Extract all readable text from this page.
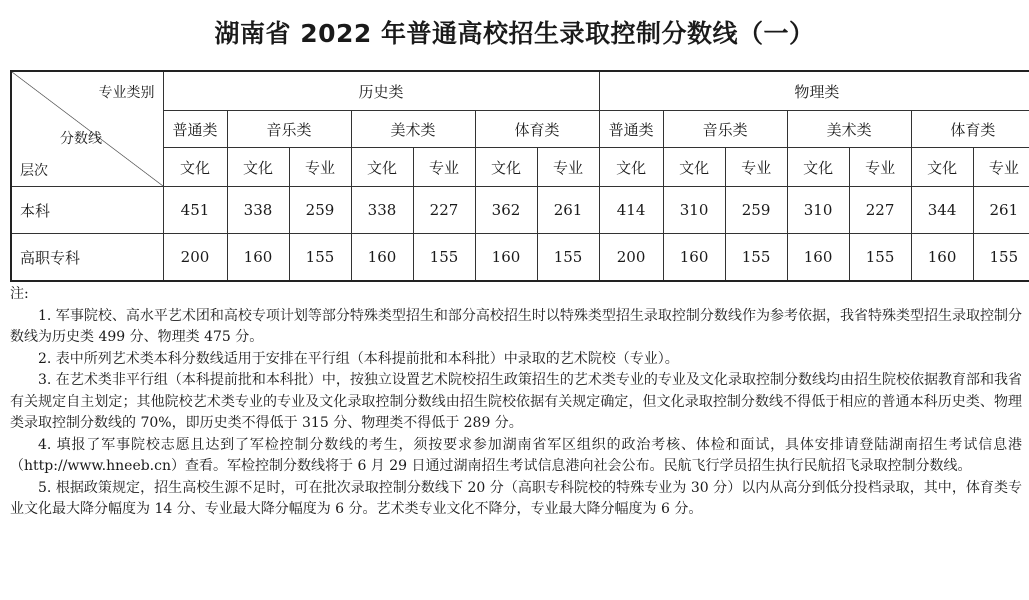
湖南省 2022 年普通高校招生录取控制分数线（一）
专业类别
分数线
层次	历史类							物理类						
	普通类	音乐类		美术类		体育类		普通类	音乐类		美术类		体育类	
	文化	文化	专业	文化	专业	文化	专业	文化	文化	专业	文化	专业	文化	专业
本科	451	338	259	338	227	362	261	414	310	259	310	227	344	261
高职专科	200	160	155	160	155	160	155	200	160	155	160	155	160	155
注:

1. 军事院校、高水平艺术团和高校专项计划等部分特殊类型招生和部分高校招生时以特殊类型招生录取控制分数线作为参考依据，我省特殊类型招生录取控制分数线为历史类 499 分、物理类 475 分。

2. 表中所列艺术类本科分数线适用于安排在平行组（本科提前批和本科批）中录取的艺术院校（专业）。

3. 在艺术类非平行组（本科提前批和本科批）中，按独立设置艺术院校招生政策招生的艺术类专业的专业及文化录取控制分数线均由招生院校依据教育部和我省有关规定自主划定；其他院校艺术类专业的专业及文化录取控制分数线由招生院校依据有关规定确定，但文化录取控制分数线不得低于相应的普通本科历史类、物理类录取控制分数线的 70%，即历史类不得低于 315 分、物理类不得低于 289 分。

4. 填报了军事院校志愿且达到了军检控制分数线的考生，须按要求参加湖南省军区组织的政治考核、体检和面试，具体安排请登陆湖南招生考试信息港（http://www.hneeb.cn）查看。军检控制分数线将于 6 月 29 日通过湖南招生考试信息港向社会公布。民航飞行学员招生执行民航招飞录取控制分数线。

5. 根据政策规定，招生高校生源不足时，可在批次录取控制分数线下 20 分（高职专科院校的特殊专业为 30 分）以内从高分到低分投档录取，其中，体育类专业文化最大降分幅度为 14 分、专业最大降分幅度为 6 分。艺术类专业文化不降分，专业最大降分幅度为 6 分。
